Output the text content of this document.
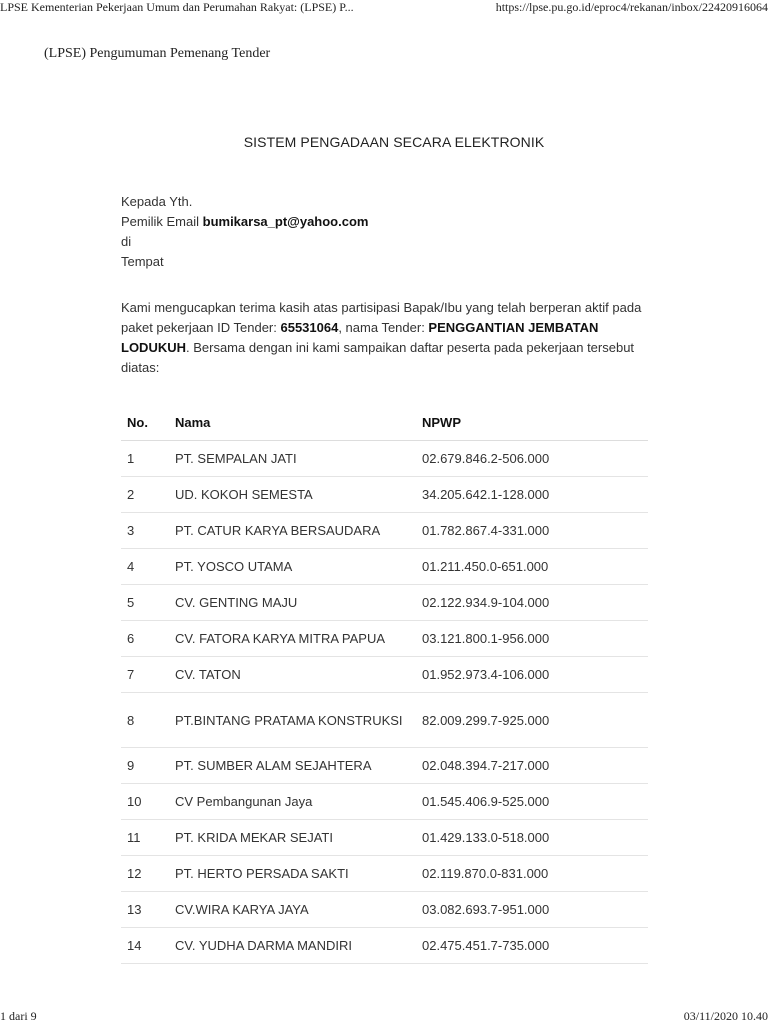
LPSE Kementerian Pekerjaan Umum dan Perumahan Rakyat: (LPSE) P...	https://lpse.pu.go.id/eproc4/rekanan/inbox/22420916064
(LPSE) Pengumuman Pemenang Tender
SISTEM PENGADAAN SECARA ELEKTRONIK
Kepada Yth.
Pemilik Email bumikarsa_pt@yahoo.com
di
Tempat
Kami mengucapkan terima kasih atas partisipasi Bapak/Ibu yang telah berperan aktif pada paket pekerjaan ID Tender: 65531064, nama Tender: PENGGANTIAN JEMBATAN LODUKUH. Bersama dengan ini kami sampaikan daftar peserta pada pekerjaan tersebut diatas:
No.	Nama	NPWP
1	PT. SEMPALAN JATI	02.679.846.2-506.000
2	UD. KOKOH SEMESTA	34.205.642.1-128.000
3	PT. CATUR KARYA BERSAUDARA	01.782.867.4-331.000
4	PT. YOSCO UTAMA	01.211.450.0-651.000
5	CV. GENTING MAJU	02.122.934.9-104.000
6	CV. FATORA KARYA MITRA PAPUA	03.121.800.1-956.000
7	CV. TATON	01.952.973.4-106.000
8	PT.BINTANG PRATAMA KONSTRUKSI	82.009.299.7-925.000
9	PT. SUMBER ALAM SEJAHTERA	02.048.394.7-217.000
10	CV Pembangunan Jaya	01.545.406.9-525.000
11	PT. KRIDA MEKAR SEJATI	01.429.133.0-518.000
12	PT. HERTO PERSADA SAKTI	02.119.870.0-831.000
13	CV.WIRA KARYA JAYA	03.082.693.7-951.000
14	CV. YUDHA DARMA MANDIRI	02.475.451.7-735.000
1 dari 9	03/11/2020 10.40
